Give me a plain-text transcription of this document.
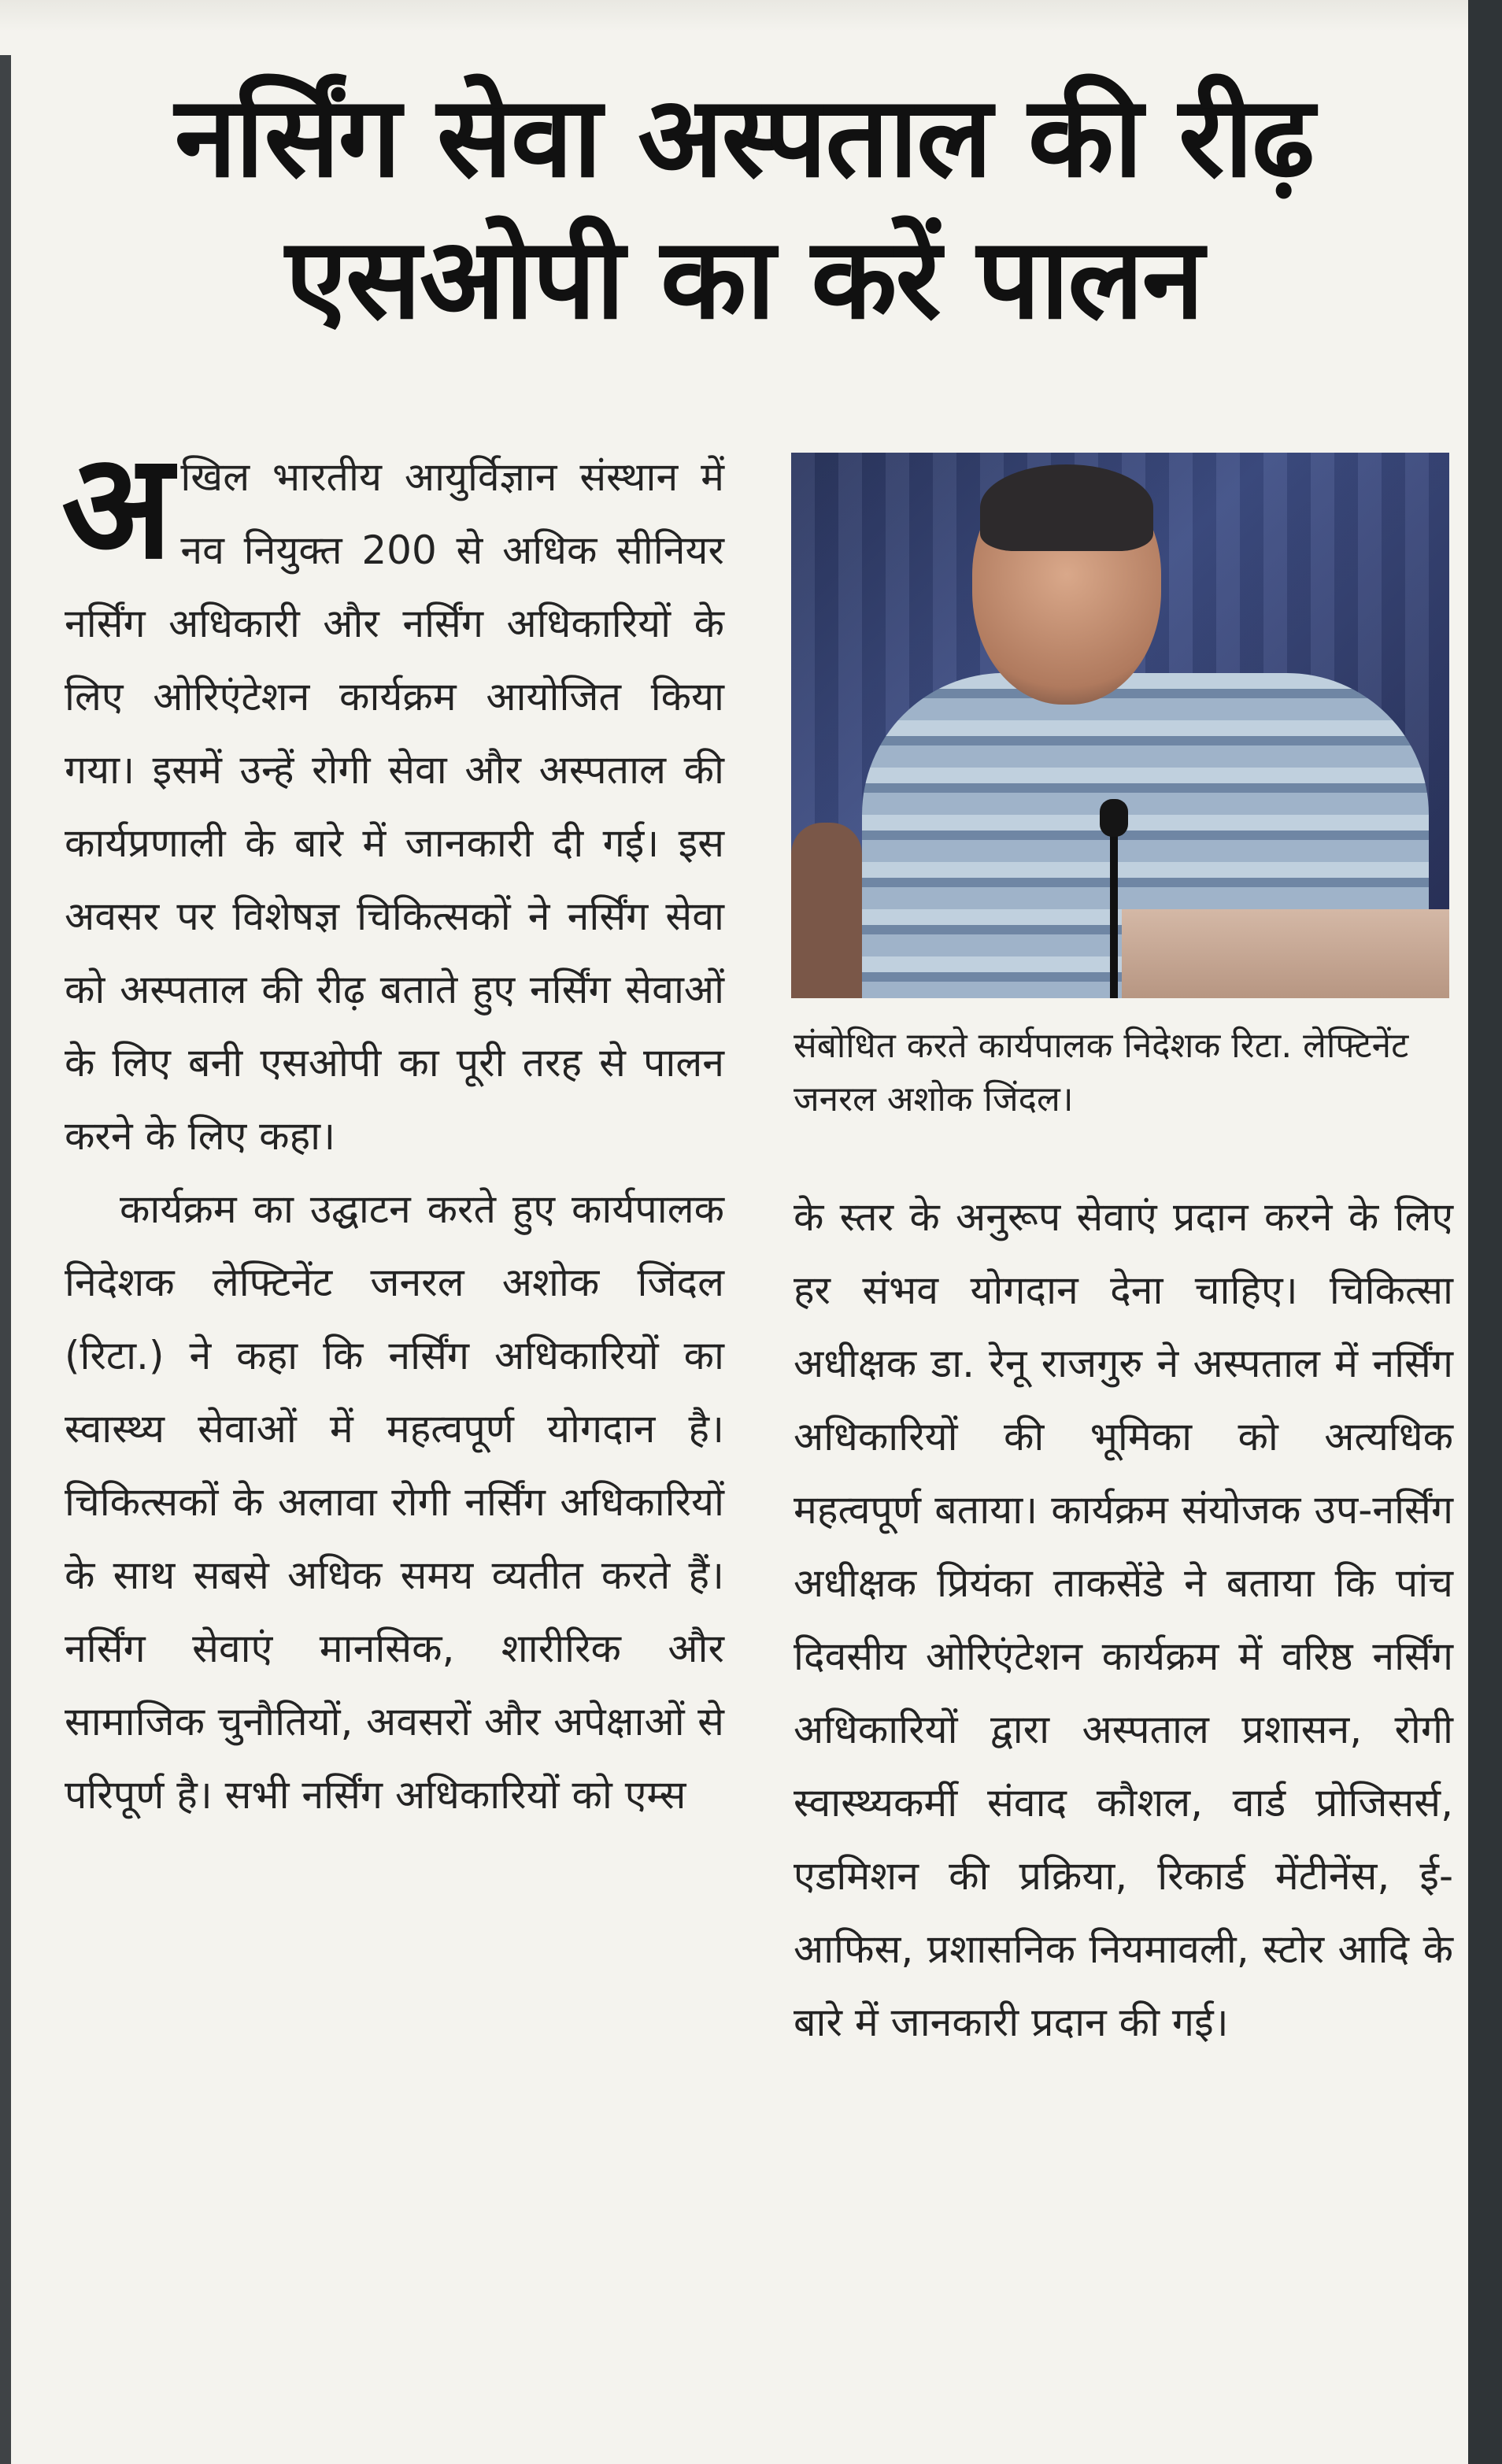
नर्सिंग सेवा अस्पताल की रीढ़
एसओपी का करें पालन

अखिल भारतीय आयुर्विज्ञान संस्थान में नव नियुक्त 200 से अधिक सीनियर नर्सिंग अधिकारी और नर्सिंग अधिकारियों के लिए ओरिएंटेशन कार्यक्रम आयोजित किया गया। इसमें उन्हें रोगी सेवा और अस्पताल की कार्यप्रणाली के बारे में जानकारी दी गई। इस अवसर पर विशेषज्ञ चिकित्सकों ने नर्सिंग सेवा को अस्पताल की रीढ़ बताते हुए नर्सिंग सेवाओं के लिए बनी एसओपी का पूरी तरह से पालन करने के लिए कहा।

कार्यक्रम का उद्घाटन करते हुए कार्यपालक निदेशक लेफ्टिनेंट जनरल अशोक जिंदल (रिटा.) ने कहा कि नर्सिंग अधिकारियों का स्वास्थ्य सेवाओं में महत्वपूर्ण योगदान है। चिकित्सकों के अलावा रोगी नर्सिंग अधिकारियों के साथ सबसे अधिक समय व्यतीत करते हैं। नर्सिंग सेवाएं मानसिक, शारीरिक और सामाजिक चुनौतियों, अवसरों और अपेक्षाओं से परिपूर्ण है। सभी नर्सिंग अधिकारियों को एम्स

संबोधित करते कार्यपालक निदेशक रिटा. लेफ्टिनेंट जनरल अशोक जिंदल।

के स्तर के अनुरूप सेवाएं प्रदान करने के लिए हर संभव योगदान देना चाहिए। चिकित्सा अधीक्षक डा. रेनू राजगुरु ने अस्पताल में नर्सिंग अधिकारियों की भूमिका को अत्यधिक महत्वपूर्ण बताया। कार्यक्रम संयोजक उप-नर्सिंग अधीक्षक प्रियंका ताकसेंडे ने बताया कि पांच दिवसीय ओरिएंटेशन कार्यक्रम में वरिष्ठ नर्सिंग अधिकारियों द्वारा अस्पताल प्रशासन, रोगी स्वास्थ्यकर्मी संवाद कौशल, वार्ड प्रोजिसर्स, एडमिशन की प्रक्रिया, रिकार्ड मेंटीनेंस, ई-आफिस, प्रशासनिक नियमावली, स्टोर आदि के बारे में जानकारी प्रदान की गई।
